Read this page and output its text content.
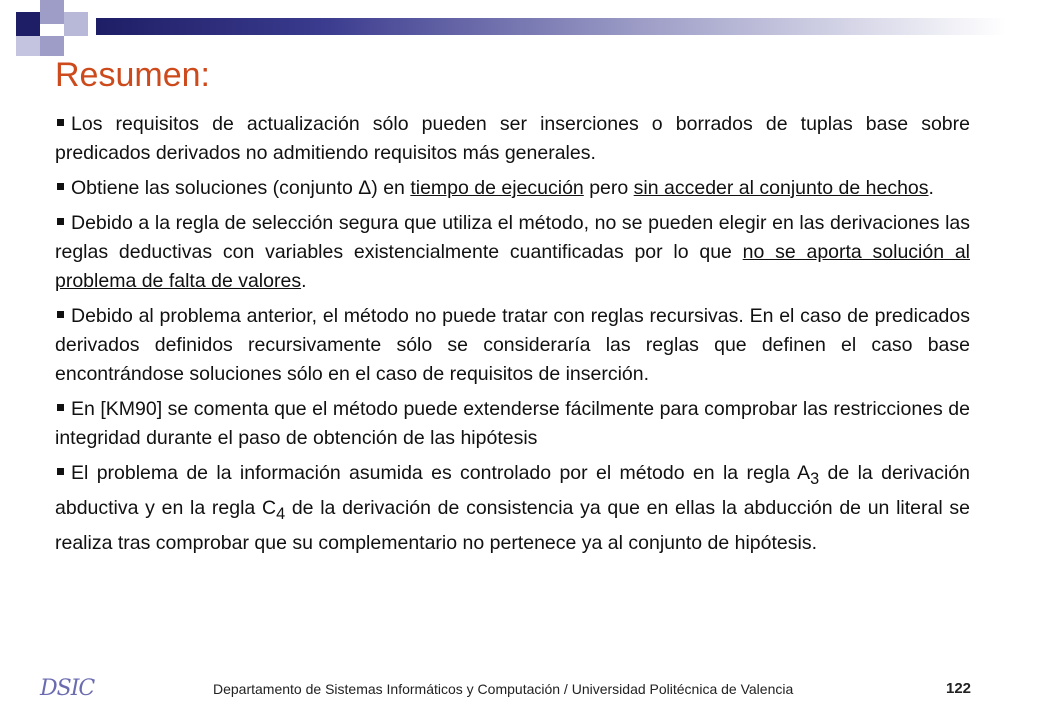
Resumen:

Los requisitos de actualización sólo pueden ser inserciones o borrados de tuplas base sobre predicados derivados no admitiendo requisitos más generales.

Obtiene las soluciones (conjunto Δ) en tiempo de ejecución pero sin acceder al conjunto de hechos.

Debido a la regla de selección segura que utiliza el método, no se pueden elegir en las derivaciones las reglas deductivas con variables existencialmente cuantificadas por lo que no se aporta solución al problema de falta de valores.

Debido al problema anterior, el método no puede tratar con reglas recursivas. En el caso de predicados derivados definidos recursivamente sólo se consideraría las reglas que definen el caso base encontrándose soluciones sólo en el caso de requisitos de inserción.

En [KM90] se comenta que el método puede extenderse fácilmente para comprobar las restricciones de integridad durante el paso de obtención de las hipótesis

El problema de la información asumida es controlado por el método en la regla $A_3$ de la derivación abductiva y en la regla $C_4$ de la derivación de consistencia ya que en ellas la abducción de un literal se realiza tras comprobar que su complementario no pertenece ya al conjunto de hipótesis.

DSIC	Departamento de Sistemas Informáticos y Computación / Universidad Politécnica de Valencia	122
